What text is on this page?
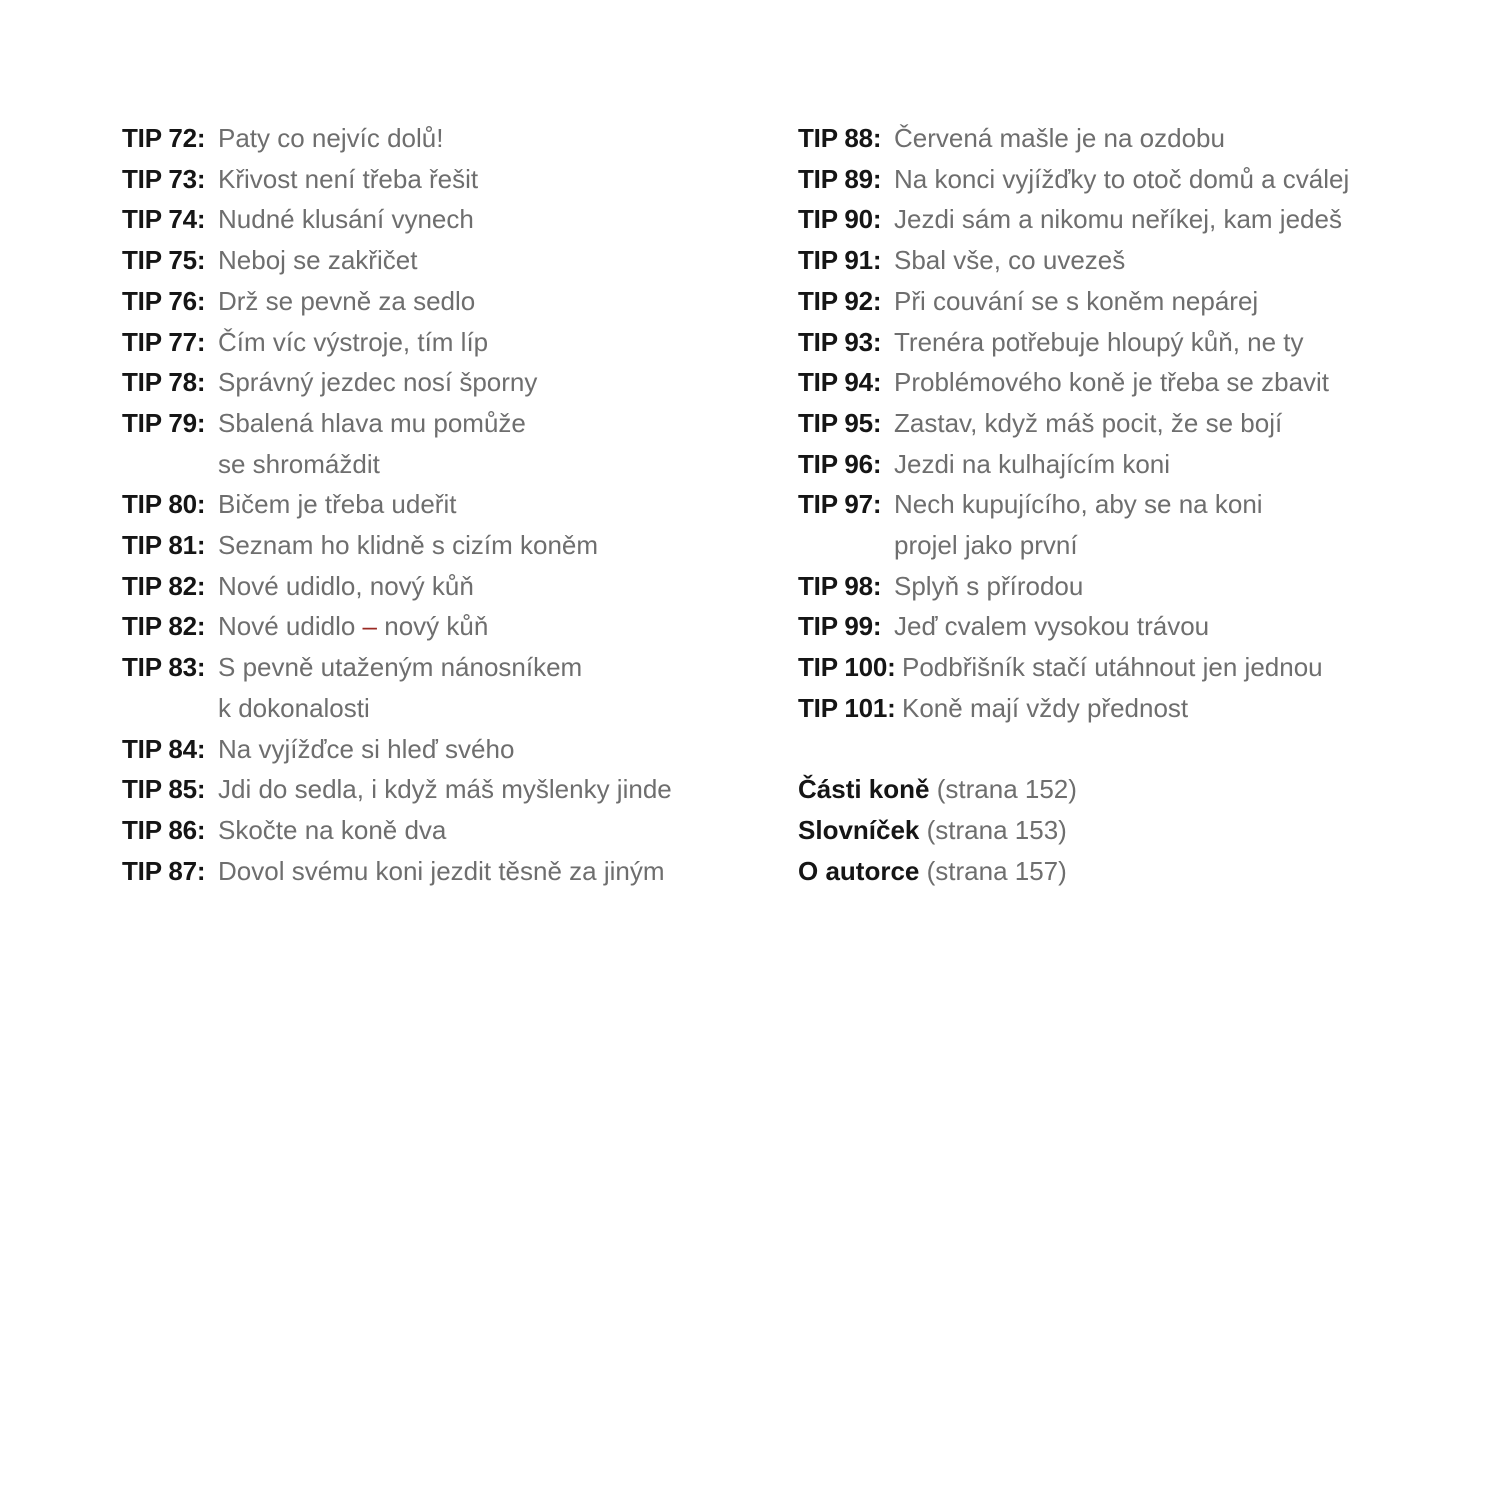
TIP 72: Paty co nejvíc dolů!
TIP 73: Křivost není třeba řešit
TIP 74: Nudné klusání vynech
TIP 75: Neboj se zakřičet
TIP 76: Drž se pevně za sedlo
TIP 77: Čím víc výstroje, tím líp
TIP 78: Správný jezdec nosí šporny
TIP 79: Sbalená hlava mu pomůže
se shromáždit
TIP 80: Bičem je třeba udeřit
TIP 81: Seznam ho klidně s cizím koněm
TIP 82: Nové udidlo, nový kůň
TIP 82: Nové udidlo – nový kůň
TIP 83: S pevně utaženým nánosníkem
k dokonalosti
TIP 84: Na vyjížďce si hleď svého
TIP 85: Jdi do sedla, i když máš myšlenky jinde
TIP 86: Skočte na koně dva
TIP 87: Dovol svému koni jezdit těsně za jiným
TIP 88: Červená mašle je na ozdobu
TIP 89: Na konci vyjížďky to otoč domů a cválej
TIP 90: Jezdi sám a nikomu neříkej, kam jedeš
TIP 91: Sbal vše, co uvezeš
TIP 92: Při couvání se s koněm nepárej
TIP 93: Trenéra potřebuje hloupý kůň, ne ty
TIP 94: Problémového koně je třeba se zbavit
TIP 95: Zastav, když máš pocit, že se bojí
TIP 96: Jezdi na kulhajícím koni
TIP 97: Nech kupujícího, aby se na koni
projel jako první
TIP 98: Splyň s přírodou
TIP 99: Jeď cvalem vysokou trávou
TIP 100: Podbřišník stačí utáhnout jen jednou
TIP 101: Koně mají vždy přednost
Části koně (strana 152)
Slovníček (strana 153)
O autorce (strana 157)
